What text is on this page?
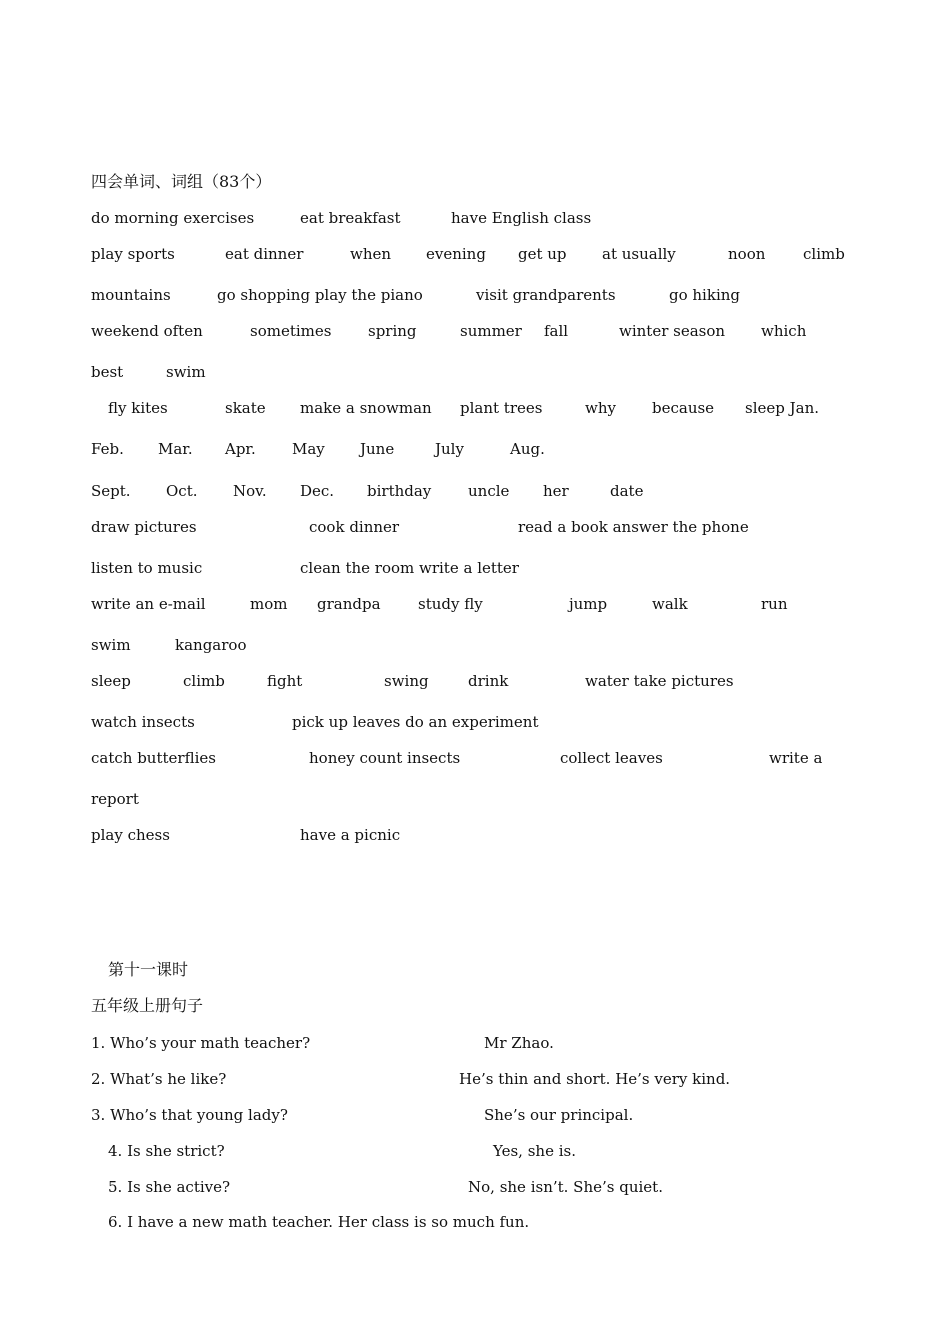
四会单词、词组（83个）
do morning exercises	eat breakfast	have English class
play sports	eat dinner	when evening get up at usually	noon	climb
mountains	go shopping play the piano	visit grandparents	go hiking
weekend often	sometimes spring	summer fall	winter season which
best	swim
fly kites	skate make a snowman plant trees	why because sleep Jan.
Feb. Mar. Apr. May June	July	Aug.
Sept. Oct. Nov. Dec. birthday uncle her	date
draw pictures	cook dinner	read a book answer the phone
listen to music	clean the room write a letter
write an e-mail	mom grandpa study fly	jump	walk	run
swim	kangaroo
sleep	climb	fight	swing	drink	water take pictures
watch insects	pick up leaves do an experiment
catch butterflies	honey count insects	collect leaves	write a
report
play chess	have a picnic
第十一课时
五年级上册句子
1. Who’s your math teacher?	Mr Zhao.
2. What’s he like?	He’s thin and short. He’s very kind.
3. Who’s that young lady?	She’s our principal.
4. Is she strict?	Yes, she is.
5. Is she active?	No, she isn’t. She’s quiet.
6. I have a new math teacher. Her class is so much fun.
